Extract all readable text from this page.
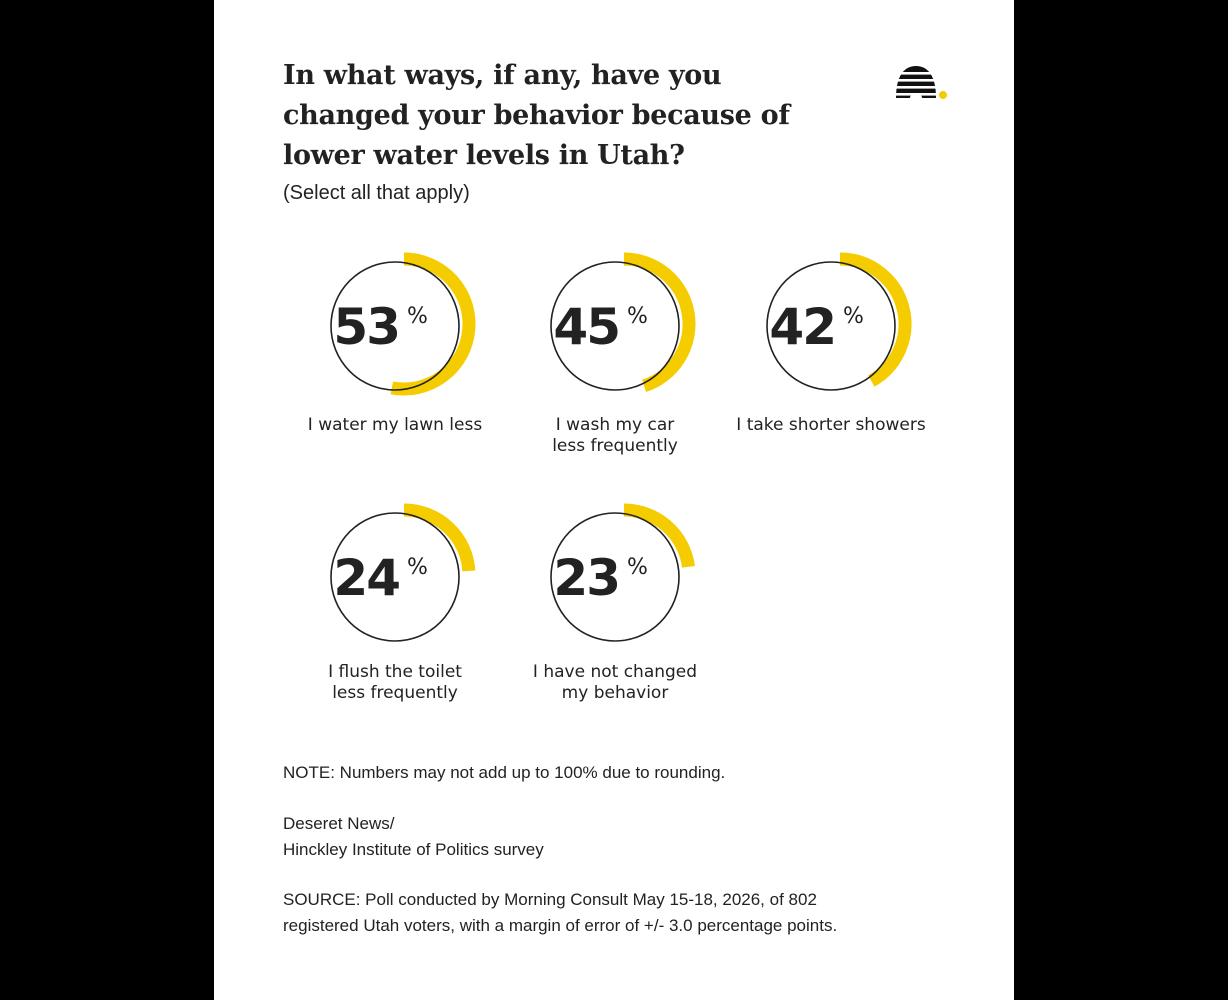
In what ways, if any, have you changed your behavior because of lower water levels in Utah?
(Select all that apply)
53 %
I water my lawn less
45 %
I wash my car
less frequently
42 %
I take shorter showers
24 %
I flush the toilet
less frequently
23 %
I have not changed
my behavior
NOTE: Numbers may not add up to 100% due to rounding.
Deseret News/
Hinckley Institute of Politics survey
SOURCE: Poll conducted by Morning Consult May 15-18, 2026, of 802
registered Utah voters, with a margin of error of +/- 3.0 percentage points.
